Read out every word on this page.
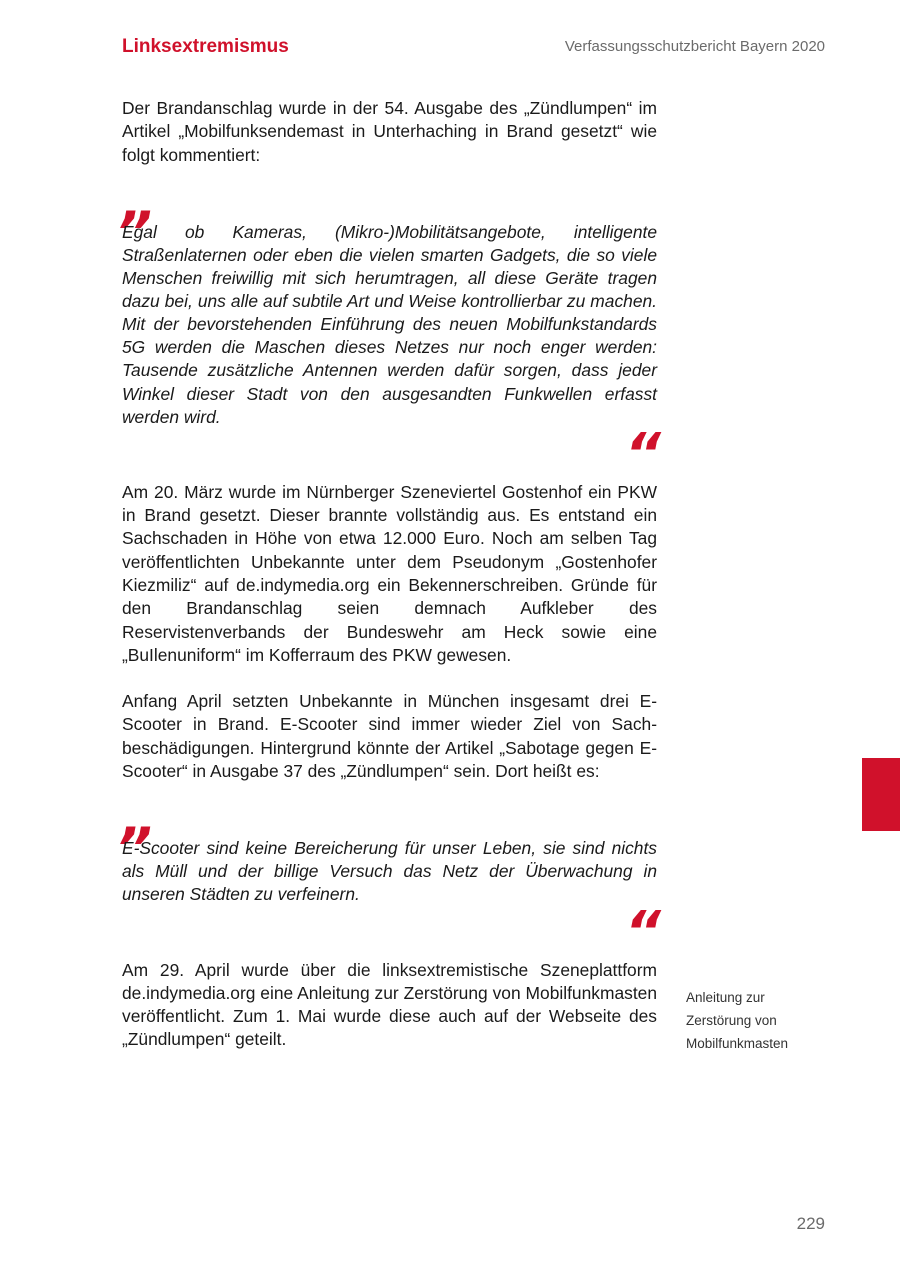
Linksextremismus	Verfassungsschutzbericht Bayern 2020

Der Brandanschlag wurde in der 54. Ausgabe des „Zündlumpen“ im Artikel „Mobilfunksendemast in Unterhaching in Brand gesetzt“ wie folgt kommentiert:

„

Egal ob Kameras, (Mikro-)Mobilitätsangebote, intelligente Straßenlaternen oder eben die vielen smarten Gadgets, die so viele Menschen freiwillig mit sich herumtragen, all diese Geräte tragen dazu bei, uns alle auf subtile Art und Weise kontrollierbar zu machen. Mit der bevorstehenden Einführung des neuen Mobilfunkstandards 5G werden die Maschen dieses Netzes nur noch enger werden: Tausende zusätzliche Antennen werden dafür sorgen, dass jeder Winkel dieser Stadt von den ausgesandten Funkwellen erfasst werden wird.

“

Am 20. März wurde im Nürnberger Szeneviertel Gostenhof ein PKW in Brand gesetzt. Dieser brannte vollständig aus. Es entstand ein Sachschaden in Höhe von etwa 12.000 Euro. Noch am selben Tag veröffentlichten Unbekannte unter dem Pseudonym „Gostenhofer Kiezmiliz“ auf de.indymedia.org ein Bekennerschreiben. Gründe für den Brandanschlag seien demnach Aufkleber des Reservistenverbands der Bundeswehr am Heck sowie eine „BuIlenuniform“ im Kofferraum des PKW gewesen.

Anfang April setzten Unbekannte in München insgesamt drei E-Scooter in Brand. E-Scooter sind immer wieder Ziel von Sachbeschädigungen. Hintergrund könnte der Artikel „Sabotage gegen E-Scooter“ in Ausgabe 37 des „Zündlumpen“ sein. Dort heißt es:

„

E-Scooter sind keine Bereicherung für unser Leben, sie sind nichts als Müll und der billige Versuch das Netz der Überwachung in unseren Städten zu verfeinern.

“

Am 29. April wurde über die linksextremistische Szeneplattform de.indymedia.org eine Anleitung zur Zerstörung von Mobilfunkmasten veröffentlicht. Zum 1. Mai wurde diese auch auf der Webseite des „Zündlumpen“ geteilt.

Anleitung zur
Zerstörung von
Mobilfunkmasten
229
